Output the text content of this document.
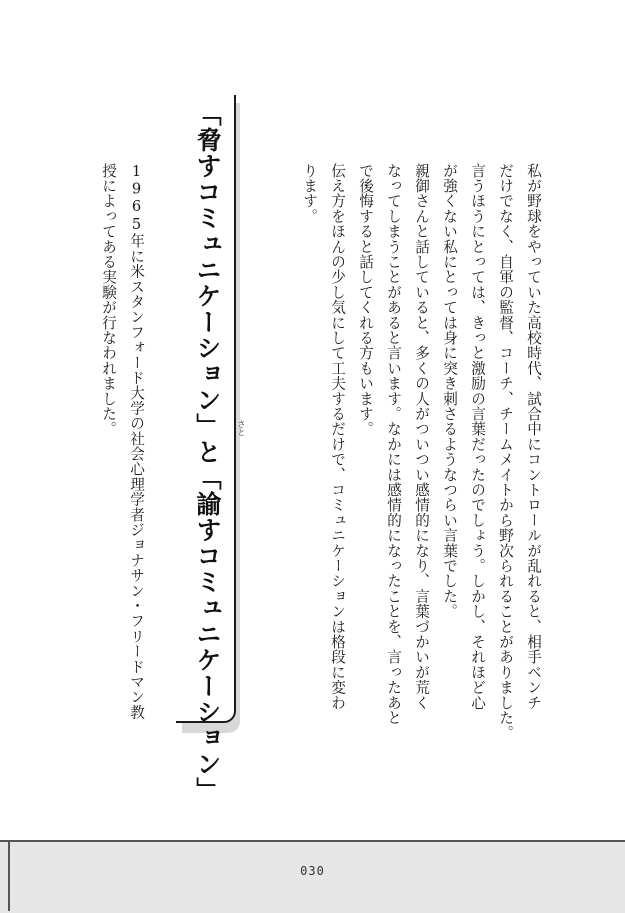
私が野球をやっていた高校時代、試合中にコントロールが乱れると、相手ベンチ
だけでなく、自軍の監督、コーチ、チームメイトから野次られることがありました。
言うほうにとっては、きっと激励の言葉だったのでしょう。しかし、それほど心
が強くない私にとっては身に突き刺さるようなつらい言葉でした。
親御さんと話していると、多くの人がついつい感情的になり、言葉づかいが荒く
なってしまうことがあると言います。なかには感情的になったことを、言ったあと
で後悔すると話してくれる方もいます。
伝え方をほんの少し気にして工夫するだけで、コミュニケーションは格段に変わ
ります。
「脅すコミュニケーション」と「諭すコミュニケーション」 さと
1965年に米スタンフォード大学の社会心理学者ジョナサン・フリードマン教
授によってある実験が行なわれました。
030
